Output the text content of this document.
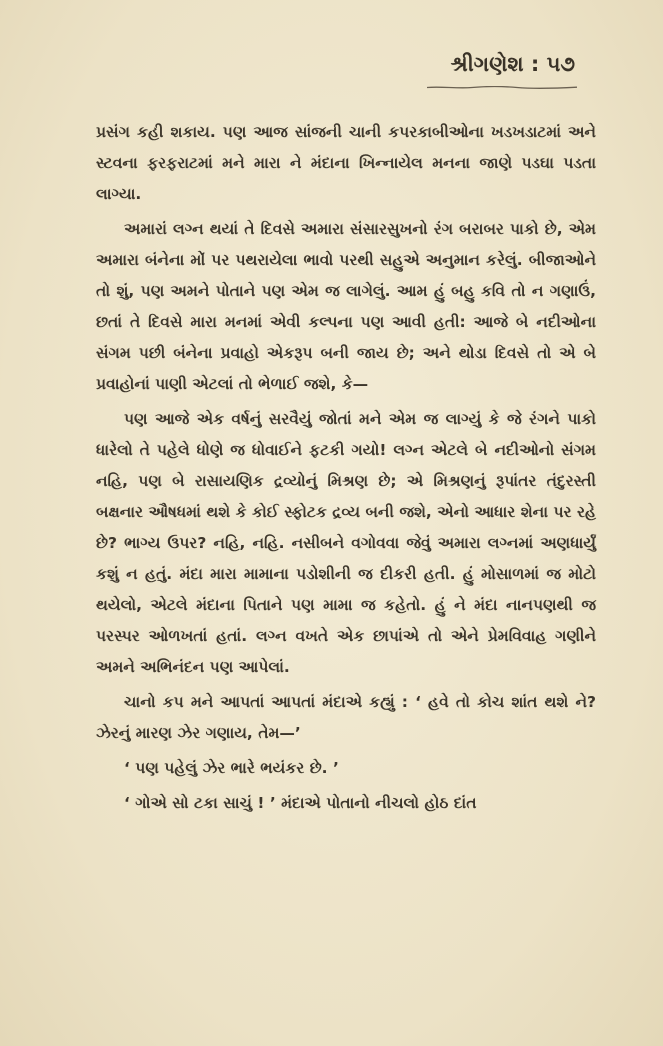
શ્રીગણેશ : ૫૭

પ્રસંગ કહી શકાય. પણ આજ સાંજની ચાની કપરકાબીઓના ખડખડાટમાં અને સ્ટવના ફરફરાટમાં મને મારા ને મંદાના ખિન્નાયેલ મનના જાણે પડઘા પડતા લાગ્યા.

અમારાં લગ્ન થયાં તે દિવસે અમારા સંસારસુખનો રંગ બરાબર પાકો છે, એમ અમારા બંનેના મોં પર પથરાયેલા ભાવો પરથી સહુએ અનુમાન કરેલું. બીજાઓને તો શું, પણ અમને પોતાને પણ એમ જ લાગેલું. આમ હું બહુ કવિ તો ન ગણાઉં, છતાં તે દિવસે મારા મનમાં એવી કલ્પના પણ આવી હતી: આજે બે નદીઓના સંગમ પછી બંનેના પ્રવાહો એકરૂપ બની જાય છે; અને થોડા દિવસે તો એ બે પ્રવાહોનાં પાણી એટલાં તો ભેળાઈ જશે, કે—

પણ આજે એક વર્ષનું સરવૈયું જોતાં મને એમ જ લાગ્યું કે જે રંગને પાકો ધારેલો તે પહેલે ધોણે જ ધોવાઈને ફટકી ગયો! લગ્ન એટલે બે નદીઓનો સંગમ નહિ, પણ બે રાસાયણિક દ્રવ્યોનું મિશ્રણ છે; એ મિશ્રણનું રૂપાંતર તંદુરસ્તી બક્ષનાર ઔષધમાં થશે કે કોઈ સ્ફોટક દ્રવ્ય બની જશે, એનો આધાર શેના પર રહે છે? ભાગ્ય ઉપર? નહિ, નહિ. નસીબને વગોવવા જેવું અમારા લગ્નમાં અણધાર્યું કશું ન હતું. મંદા મારા મામાના પડોશીની જ દીકરી હતી. હું મોસાળમાં જ મોટો થયેલો, એટલે મંદાના પિતાને પણ મામા જ કહેતો. હું ને મંદા નાનપણથી જ પરસ્પર ઓળખતાં હતાં. લગ્ન વખતે એક છાપાંએ તો એને પ્રેમવિવાહ ગણીને અમને અભિનંદન પણ આપેલાં.

ચાનો કપ મને આપતાં આપતાં મંદાએ કહ્યું : ‘ હવે તો કોચ શાંત થશે ને? ઝેરનું મારણ ઝેર ગણાય, તેમ—’

‘ પણ પહેલું ઝેર ભારે ભયંકર છે. ’

‘ ગોએ સો ટકા સાચું ! ’ મંદાએ પોતાનો નીચલો હોઠ દાંત
